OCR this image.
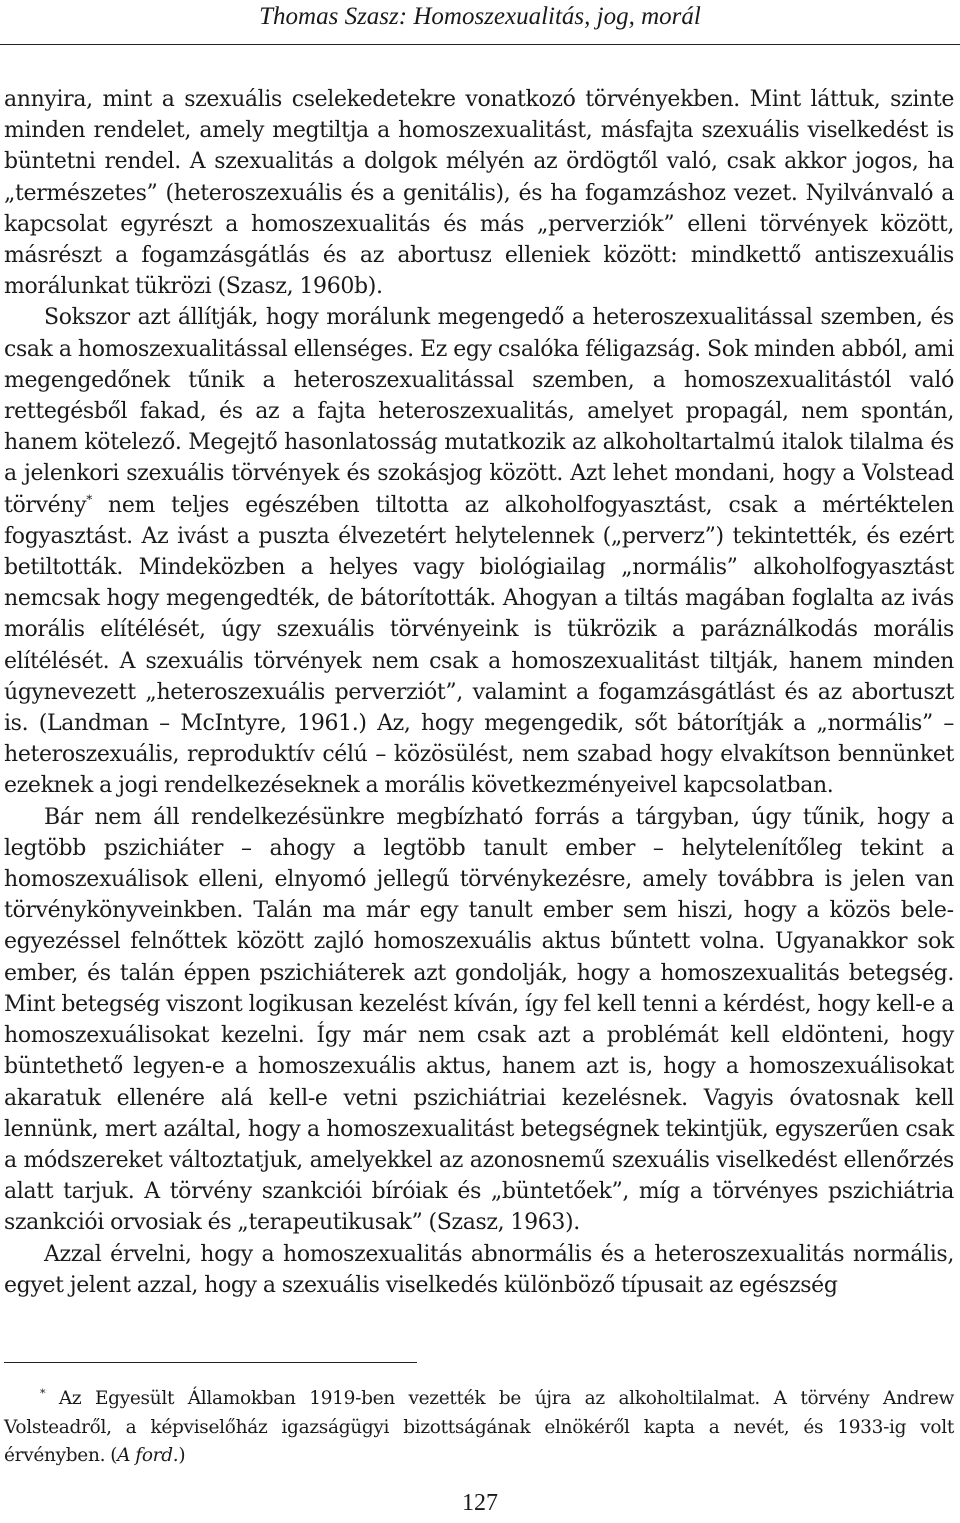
Thomas Szasz: Homoszexualitás, jog, morál

annyira, mint a szexuális cselekedetekre vonatkozó törvényekben. Mint láttuk, szinte minden rendelet, amely megtiltja a homoszexualitást, másfajta szexuális viselkedést is büntetni rendel. A szexualitás a dolgok mélyén az ördögtől való, csak akkor jogos, ha „természetes” (heteroszexuális és a genitális), és ha fogamzáshoz vezet. Nyilvánvaló a kapcsolat egyrészt a homoszexualitás és más „perverziók” elleni törvények között, másrészt a fogamzásgátlás és az abortusz elleniek között: mindkettő antiszexuális morálunkat tükrözi (Szasz, 1960b).

Sokszor azt állítják, hogy morálunk megengedő a heteroszexualitással szemben, és csak a homoszexualitással ellenséges. Ez egy csalóka féligazság. Sok minden abból, ami megengedőnek tűnik a heteroszexualitással szemben, a homoszexualitástól való rettegésből fakad, és az a fajta heteroszexualitás, amelyet propagál, nem spontán, hanem kötelező. Megejtő hasonlatosság mutatkozik az alkoholtartalmú italok tilalma és a jelenkori szexuális törvények és szokásjog között. Azt lehet mondani, hogy a Volstead törvény* nem teljes egészében tiltotta az alkoholfogyasztást, csak a mértéktelen fogyasztást. Az ivást a puszta élvezetért helytelennek („perverz”) tekintették, és ezért betiltották. Mindeközben a helyes vagy biológiailag „normális” alkoholfogyasztást nemcsak hogy megengedték, de bátorították. Ahogyan a tiltás magában foglalta az ivás morális elítélését, úgy szexuális törvényeink is tükrözik a paráználkodás morális elítélését. A szexuális törvények nem csak a homoszexualitást tiltják, hanem minden úgynevezett „heteroszexuális perverziót”, valamint a fogamzásgátlást és az abortuszt is. (Landman – McIntyre, 1961.) Az, hogy megengedik, sőt bátorítják a „normális” – heteroszexuális, reproduktív célú – közösülést, nem szabad hogy elvakítson bennünket ezeknek a jogi rendelkezéseknek a morális következményeivel kapcsolatban.

Bár nem áll rendelkezésünkre megbízható forrás a tárgyban, úgy tűnik, hogy a legtöbb pszichiáter – ahogy a legtöbb tanult ember – helytelenítőleg tekint a homoszexuálisok elleni, elnyomó jellegű törvénykezésre, amely továbbra is jelen van törvénykönyveinkben. Talán ma már egy tanult ember sem hiszi, hogy a közös beleegyezéssel felnőttek között zajló homoszexuális aktus bűntett volna. Ugyanakkor sok ember, és talán éppen pszichiáterek azt gondolják, hogy a homoszexualitás betegség. Mint betegség viszont logikusan kezelést kíván, így fel kell tenni a kérdést, hogy kell-e a homoszexuálisokat kezelni. Így már nem csak azt a problémát kell eldönteni, hogy büntethető legyen-e a homoszexuális aktus, hanem azt is, hogy a homoszexuálisokat akaratuk ellenére alá kell-e vetni pszichiátriai kezelésnek. Vagyis óvatosnak kell lennünk, mert azáltal, hogy a homoszexualitást betegségnek tekintjük, egyszerűen csak a módszereket változtatjuk, amelyekkel az azonosnemű szexuális viselkedést ellenőrzés alatt tarjuk. A törvény szankciói bíróiak és „büntetőek”, míg a törvényes pszichiátria szankciói orvosiak és „terapeutikusak” (Szasz, 1963).

Azzal érvelni, hogy a homoszexualitás abnormális és a heteroszexualitás normális, egyet jelent azzal, hogy a szexuális viselkedés különböző típusait az egészség

* Az Egyesült Államokban 1919-ben vezették be újra az alkoholtilalmat. A törvény Andrew Volsteadről, a képviselőház igazságügyi bizottságának elnökéről kapta a nevét, és 1933-ig volt érvényben. (A ford.)
127
